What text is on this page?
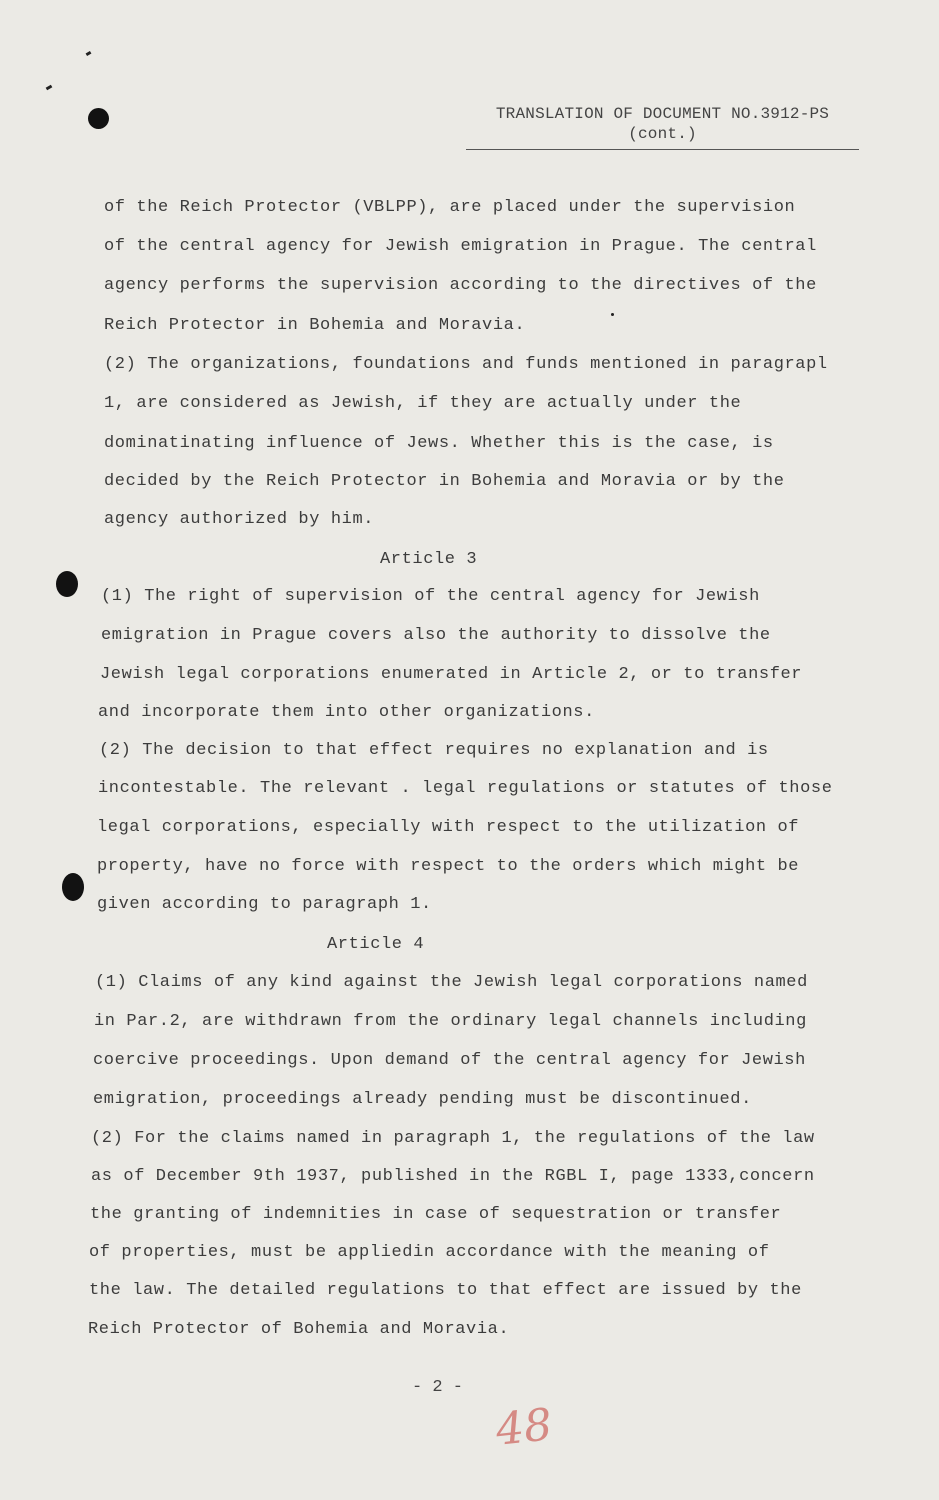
TRANSLATION OF DOCUMENT NO.3912-PS
(cont.)
of the Reich Protector (VBLPP), are placed under the supervision
of the central agency for Jewish emigration in Prague. The central
agency performs the supervision according to the directives of the
Reich Protector in Bohemia and Moravia.
(2) The organizations, foundations and funds mentioned in paragrapl
1, are considered as Jewish, if they are actually under the
dominatinating influence of Jews. Whether this is the case, is
decided by the Reich Protector in Bohemia and Moravia or by the
agency authorized by him.
Article 3
(1) The right of supervision of the central agency for Jewish
emigration in Prague covers also the authority to dissolve the
Jewish legal corporations enumerated in Article 2, or to transfer
and incorporate them into other organizations.
(2) The decision to that effect requires no explanation and is
incontestable. The relevant . legal regulations or statutes of those
legal corporations, especially with respect to the utilization of
property, have no force with respect to the orders which might be
given according to paragraph 1.
Article 4
(1) Claims of any kind against the Jewish legal corporations named
in Par.2, are withdrawn from the ordinary legal channels including
coercive proceedings. Upon demand of the central agency for Jewish
emigration, proceedings already pending must be discontinued.
(2) For the claims named in paragraph 1, the regulations of the law
as of December 9th 1937, published in the RGBL I, page 1333,concern
the granting of indemnities in case of sequestration or transfer
of properties, must be appliedin accordance with the meaning of
the law. The detailed regulations to that effect are issued by the
Reich Protector of Bohemia and Moravia.
- 2 -
48
